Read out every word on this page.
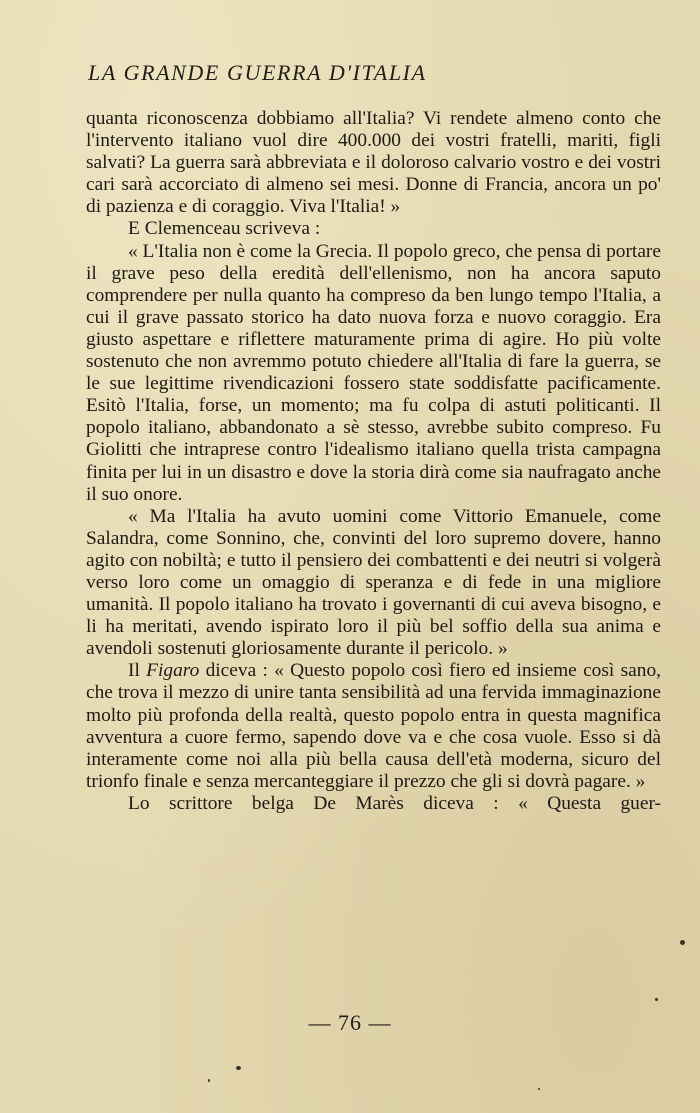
LA GRANDE GUERRA D'ITALIA

quanta riconoscenza dobbiamo all'Italia? Vi rendete almeno conto che l'intervento italiano vuol dire 400.000 dei vostri fratelli, mariti, figli salvati? La guerra sarà abbreviata e il doloroso calvario vostro e dei vostri cari sarà accorciato di almeno sei mesi. Donne di Francia, ancora un po' di pazienza e di coraggio. Viva l'Italia! »

E Clemenceau scriveva :

« L'Italia non è come la Grecia. Il popolo greco, che pensa di portare il grave peso della eredità dell'ellenismo, non ha ancora saputo comprendere per nulla quanto ha compreso da ben lungo tempo l'Italia, a cui il grave passato storico ha dato nuova forza e nuovo coraggio. Era giusto aspettare e riflettere maturamente prima di agire. Ho più volte sostenuto che non avremmo potuto chiedere all'Italia di fare la guerra, se le sue legittime rivendicazioni fossero state soddisfatte pacificamente. Esitò l'Italia, forse, un momento; ma fu colpa di astuti politicanti. Il popolo italiano, abbandonato a sè stesso, avrebbe subito compreso. Fu Giolitti che intraprese contro l'idealismo italiano quella trista campagna finita per lui in un disastro e dove la storia dirà come sia naufragato anche il suo onore.

« Ma l'Italia ha avuto uomini come Vittorio Emanuele, come Salandra, come Sonnino, che, convinti del loro supremo dovere, hanno agito con nobiltà; e tutto il pensiero dei combattenti e dei neutri si volgerà verso loro come un omaggio di speranza e di fede in una migliore umanità. Il popolo italiano ha trovato i governanti di cui aveva bisogno, e li ha meritati, avendo ispirato loro il più bel soffio della sua anima e avendoli sostenuti gloriosamente durante il pericolo. »

Il Figaro diceva : « Questo popolo così fiero ed insieme così sano, che trova il mezzo di unire tanta sensibilità ad una fervida immaginazione molto più profonda della realtà, questo popolo entra in questa magnifica avventura a cuore fermo, sapendo dove va e che cosa vuole. Esso si dà interamente come noi alla più bella causa dell'età moderna, sicuro del trionfo finale e senza mercanteggiare il prezzo che gli si dovrà pagare. »

Lo scrittore belga De Marès diceva : « Questa guer-

— 76 —
